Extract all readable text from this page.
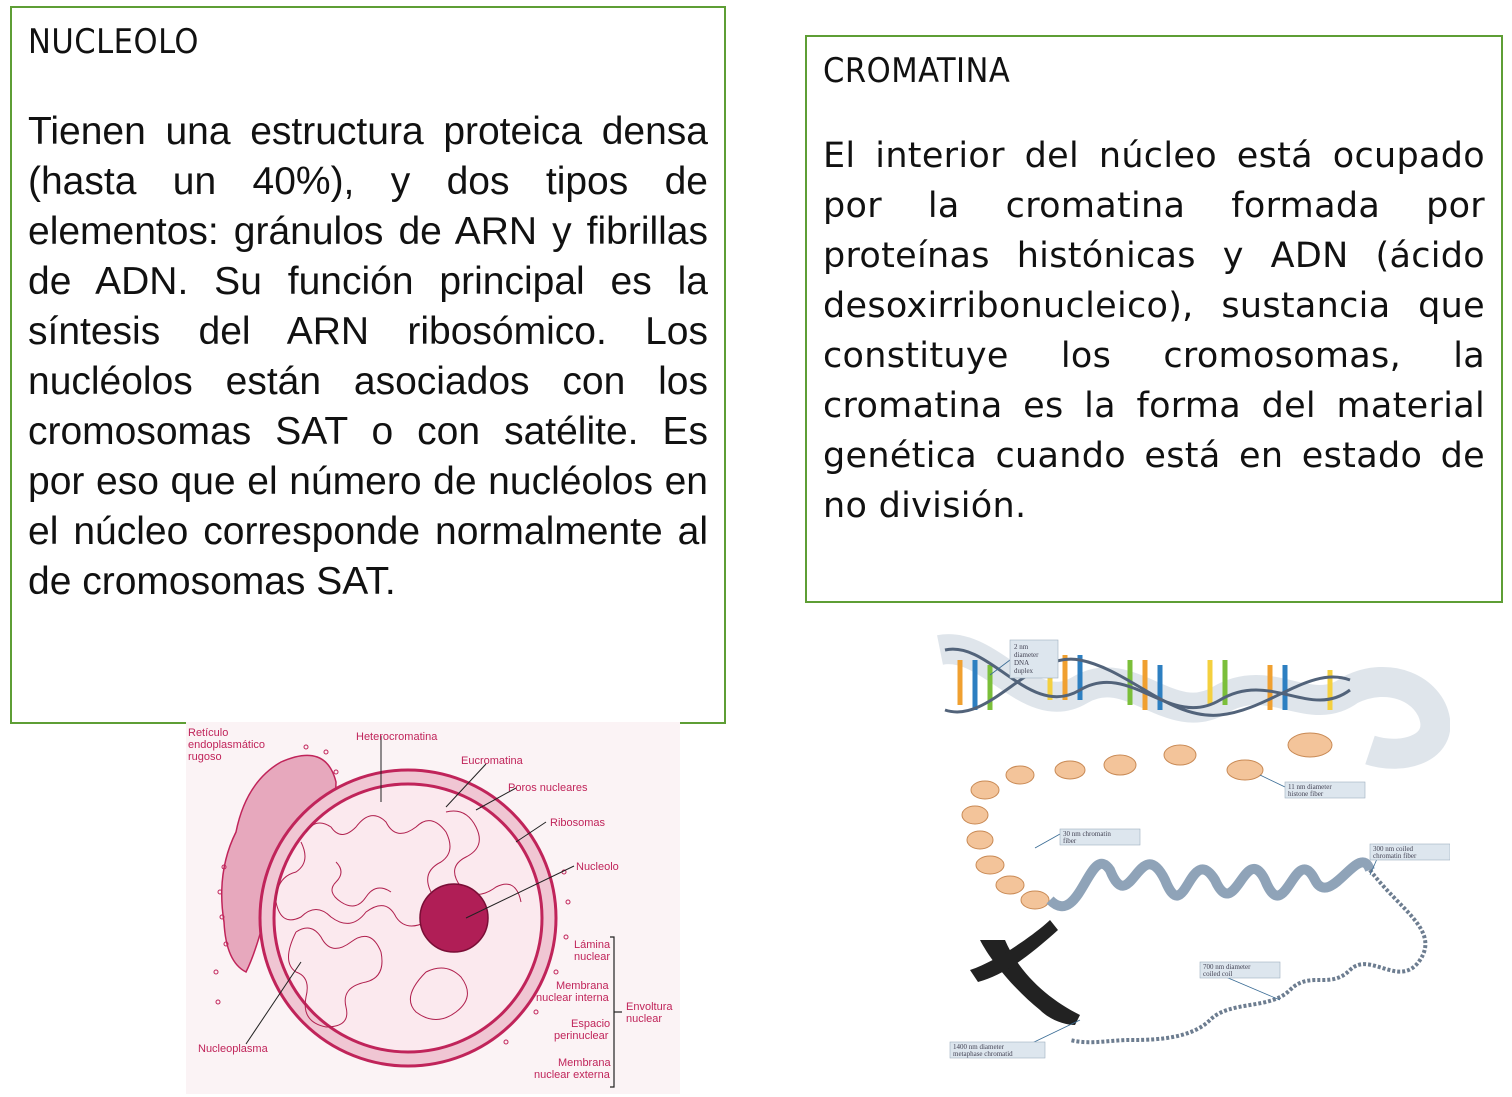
NUCLEOLO

Tienen una estructura proteica densa (hasta un 40%), y dos tipos de elementos: gránulos de ARN y fibrillas de ADN. Su función principal es la síntesis del ARN ribosómico. Los nucléolos están asociados con los cromosomas SAT o con satélite. Es por eso que el número de nucléolos en el núcleo corresponde normalmente al de cromosomas SAT.

CROMATINA

El interior del núcleo está ocupado por la cromatina formada por proteínas histónicas y ADN (ácido desoxirribonucleico), sustancia que constituye los cromosomas, la cromatina es la forma del material genética cuando está en estado de no división.

Retículo
endoplasmático
rugoso
Heterocromatina
Eucromatina
Poros nucleares
Ribosomas
Nucleolo
Lámina
nuclear
Membrana
nuclear interna
Espacio
perinuclear
Membrana
nuclear externa
Envoltura
nuclear
Nucleoplasma
2 nm
diameter
DNA
duplex
11 nm diameter
histone fiber
30 nm chromatin
fiber
300 nm coiled
chromatin fiber
700 nm diameter
coiled coil
1400 nm diameter
metaphase chromatid
